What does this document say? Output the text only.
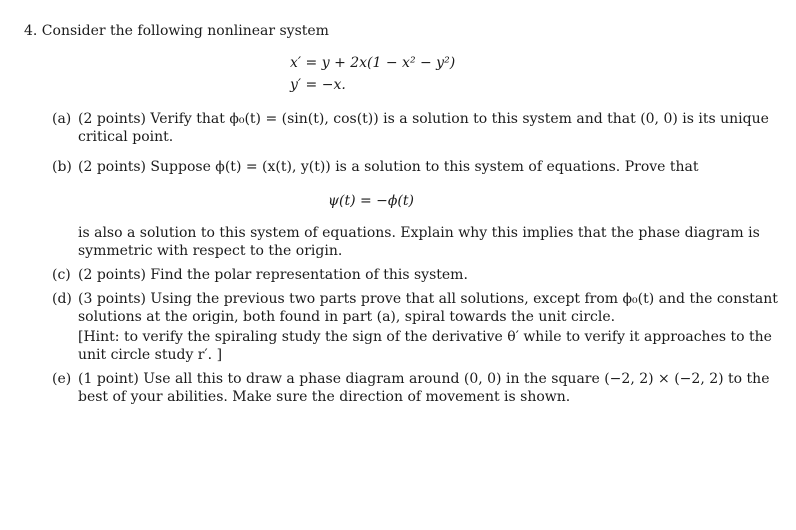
4. Consider the following nonlinear system
x′ = y + 2x(1 − x² − y²)
y′ = −x.
(a) (2 points) Verify that ϕ₀(t) = (sin(t), cos(t)) is a solution to this system and that (0, 0) is its unique
critical point.
(b) (2 points) Suppose ϕ(t) = (x(t), y(t)) is a solution to this system of equations. Prove that
ψ(t) = −ϕ(t)
is also a solution to this system of equations. Explain why this implies that the phase diagram is
symmetric with respect to the origin.
(c) (2 points) Find the polar representation of this system.
(d) (3 points) Using the previous two parts prove that all solutions, except from ϕ₀(t) and the constant
solutions at the origin, both found in part (a), spiral towards the unit circle.
[Hint: to verify the spiraling study the sign of the derivative θ′ while to verify it approaches to the
unit circle study r′. ]
(e) (1 point) Use all this to draw a phase diagram around (0, 0) in the square (−2, 2) × (−2, 2) to the
best of your abilities. Make sure the direction of movement is shown.
